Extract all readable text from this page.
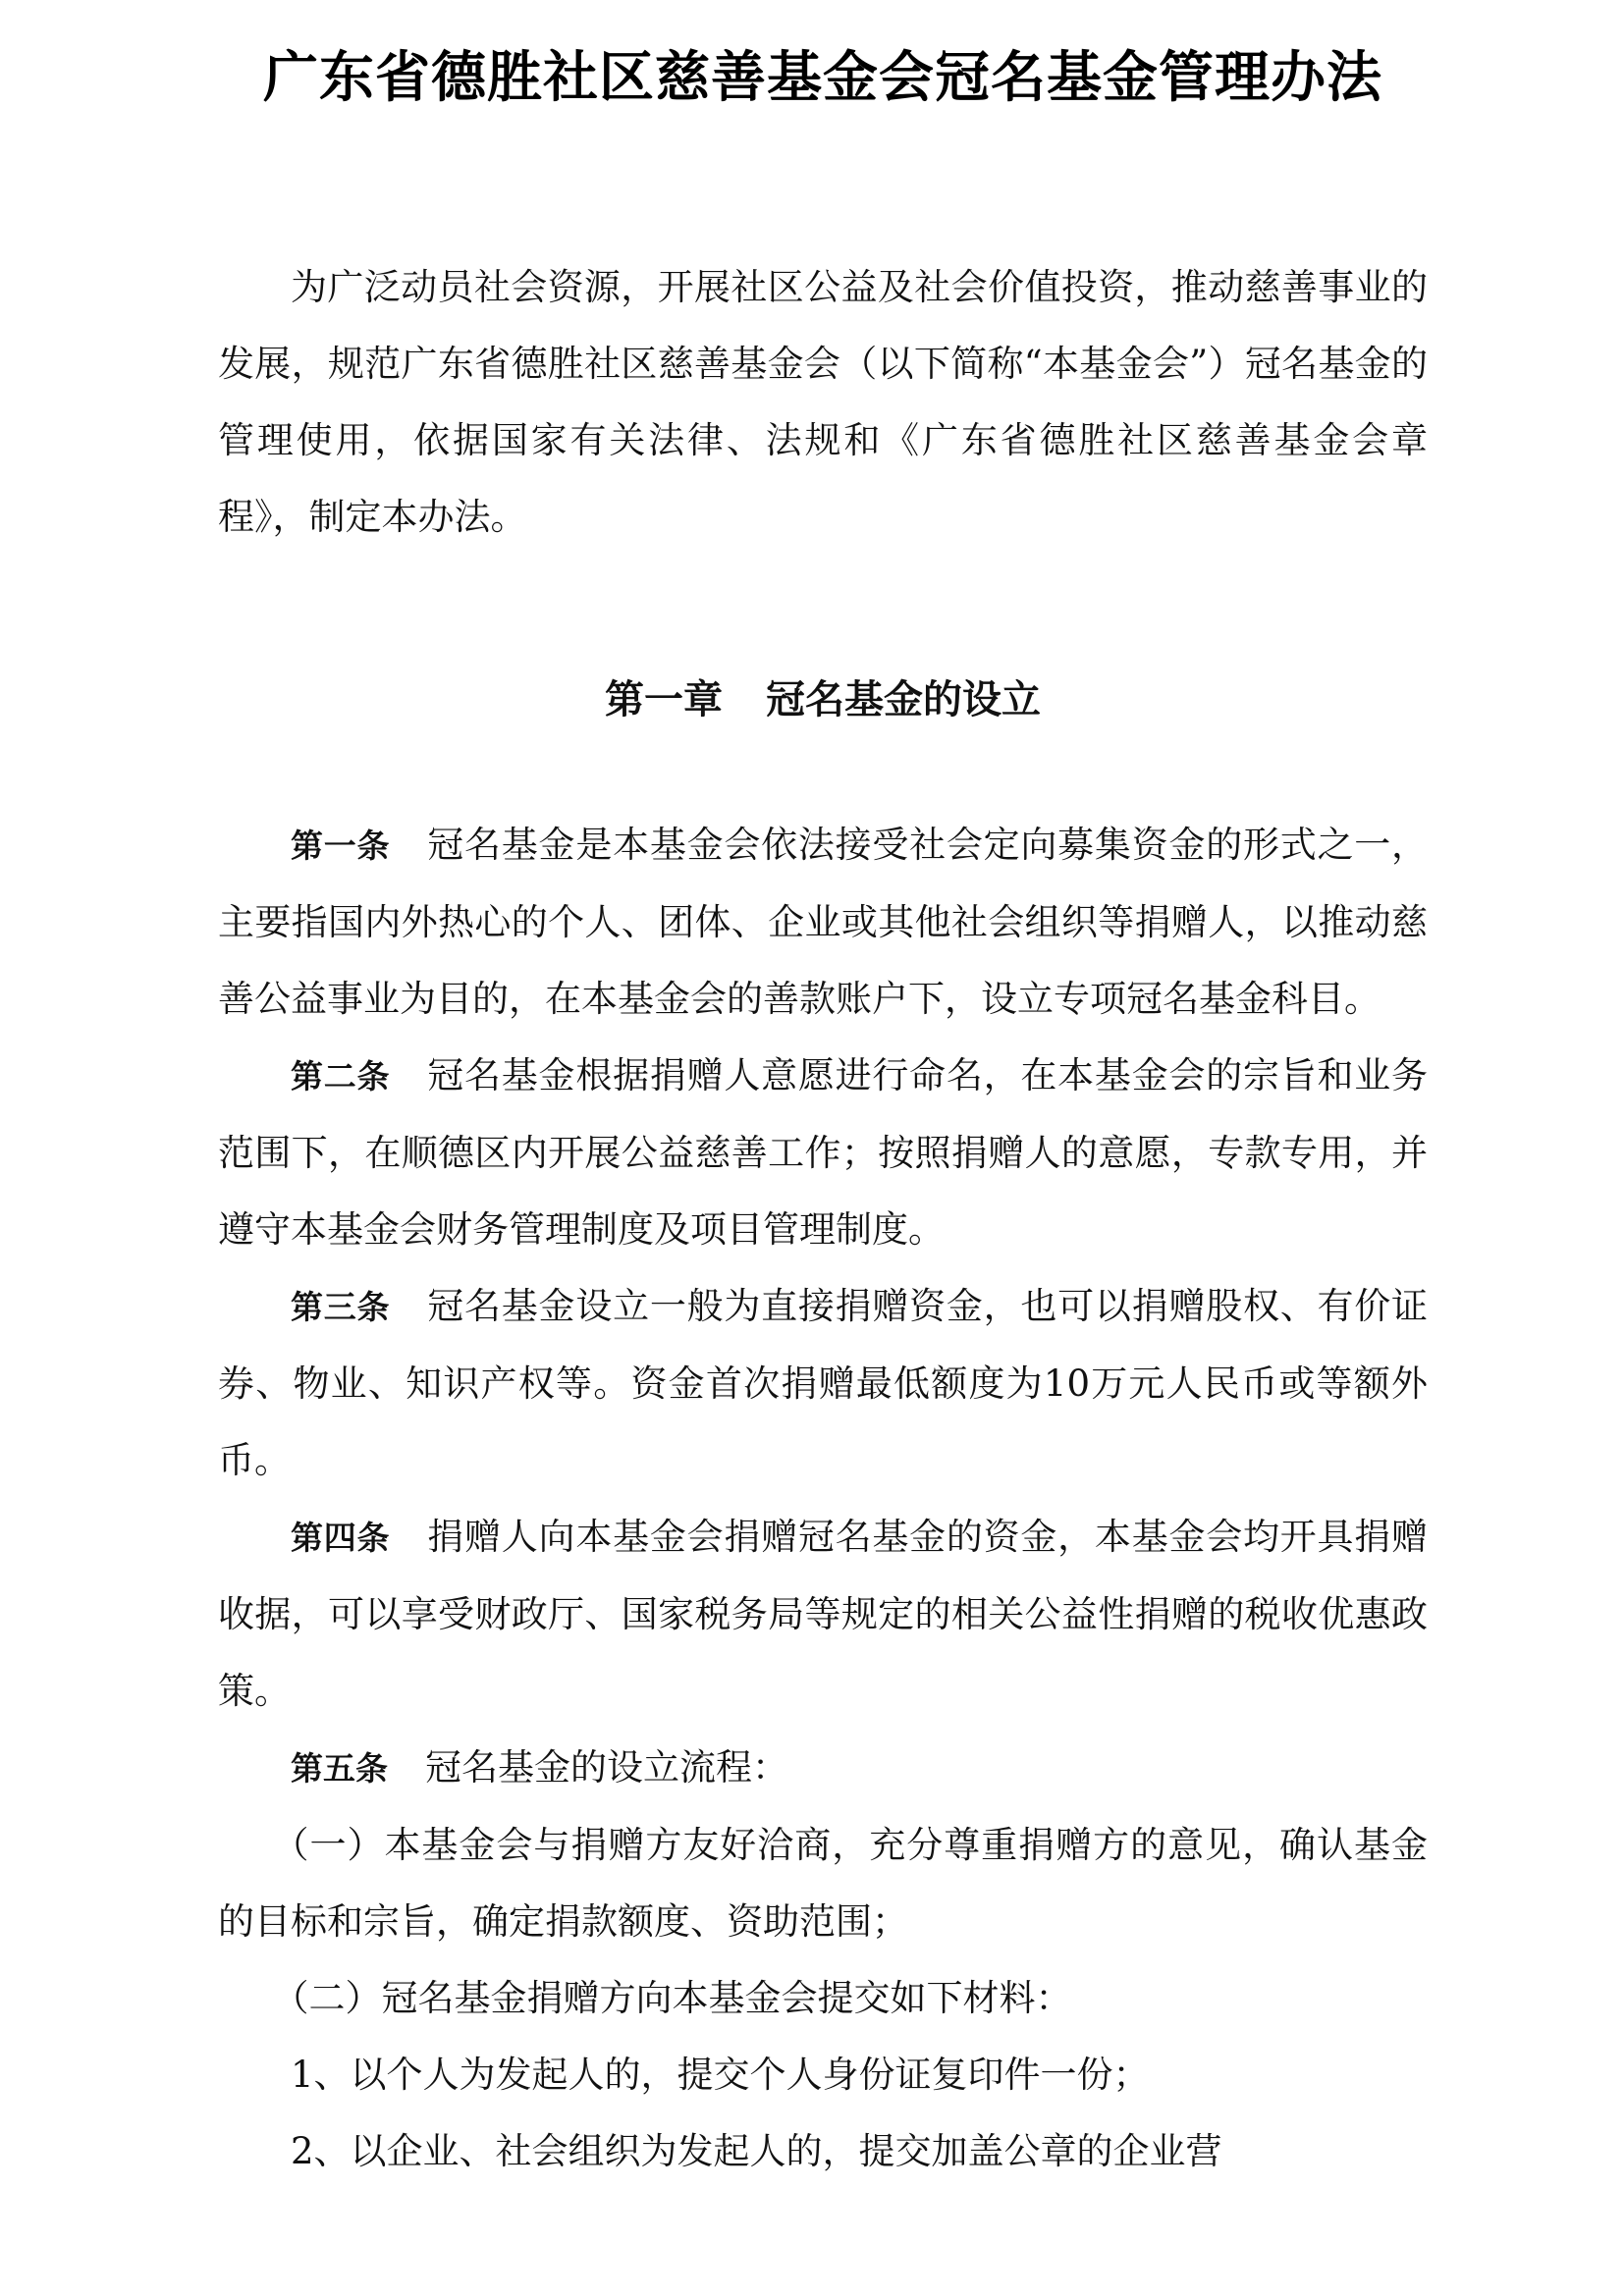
广东省德胜社区慈善基金会冠名基金管理办法

为广泛动员社会资源，开展社区公益及社会价值投资，推动慈善事业的发展，规范广东省德胜社区慈善基金会（以下简称“本基金会”）冠名基金的管理使用，依据国家有关法律、法规和《广东省德胜社区慈善基金会章程》，制定本办法。

第一章 冠名基金的设立

第一条 冠名基金是本基金会依法接受社会定向募集资金的形式之一，主要指国内外热心的个人、团体、企业或其他社会组织等捐赠人，以推动慈善公益事业为目的，在本基金会的善款账户下，设立专项冠名基金科目。

第二条 冠名基金根据捐赠人意愿进行命名，在本基金会的宗旨和业务范围下，在顺德区内开展公益慈善工作；按照捐赠人的意愿，专款专用，并遵守本基金会财务管理制度及项目管理制度。

第三条 冠名基金设立一般为直接捐赠资金，也可以捐赠股权、有价证券、物业、知识产权等。资金首次捐赠最低额度为10万元人民币或等额外币。

第四条 捐赠人向本基金会捐赠冠名基金的资金，本基金会均开具捐赠收据，可以享受财政厅、国家税务局等规定的相关公益性捐赠的税收优惠政策。

第五条 冠名基金的设立流程：

（一）本基金会与捐赠方友好洽商，充分尊重捐赠方的意见，确认基金的目标和宗旨，确定捐款额度、资助范围；

（二）冠名基金捐赠方向本基金会提交如下材料：

1、以个人为发起人的，提交个人身份证复印件一份；

2、以企业、社会组织为发起人的，提交加盖公章的企业营
